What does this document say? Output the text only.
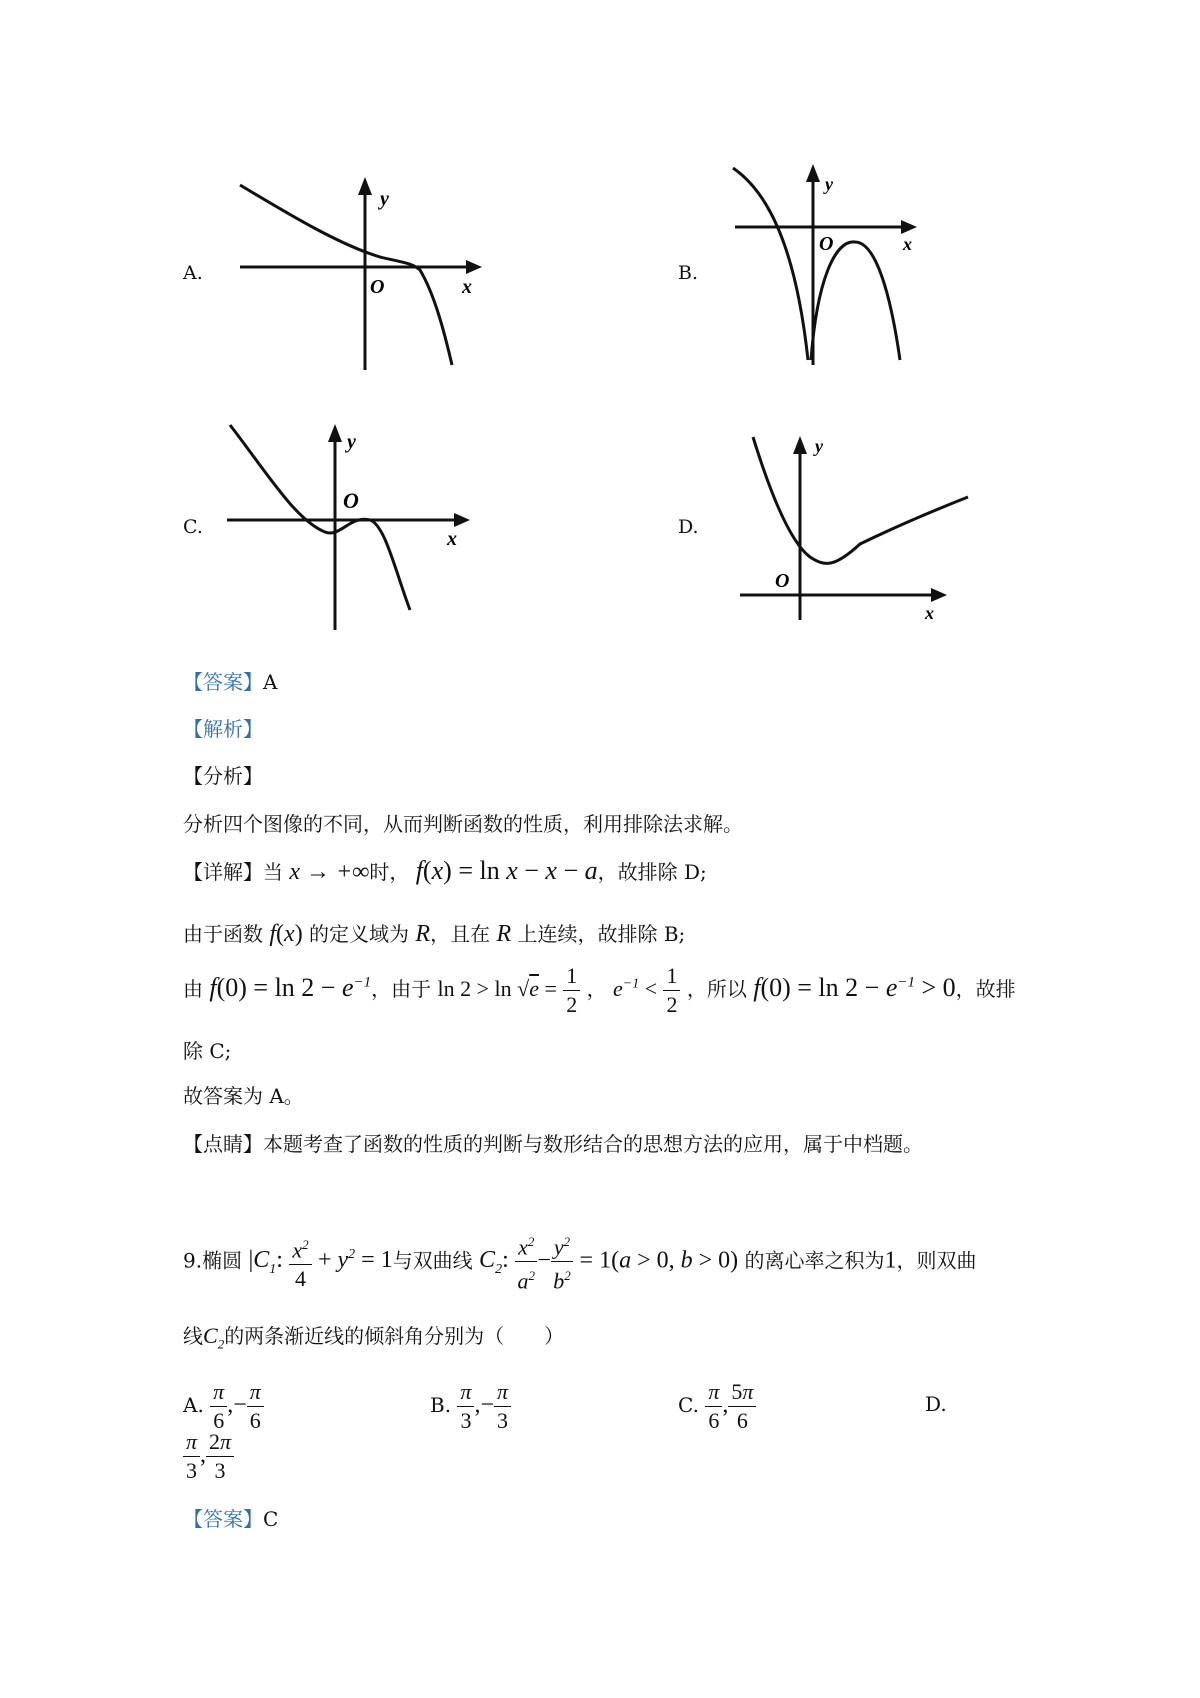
A.
y
O	x
B.
y
O	x
C.
y
O
x
D.
y
O
x
【答案】A
【解析】
【分析】
分析四个图像的不同，从而判断函数的性质，利用排除法求解。
【详解】当 x → +∞时， f(x) = ln x − x − a，故排除 D;
由于函数 f(x) 的定义域为 R，且在 R 上连续，故排除 B;
由 $f(0) = \ln 2 - e^{-1}$，由于 $\ln 2 > \ln √e = \frac{1}{2}$ ， $e^{-1} < \frac{1}{2}$ ，所以 $f(0) = \ln 2 - e^{-1} > 0$，故排
除 C;
故答案为 A。
【点睛】本题考查了函数的性质的判断与数形结合的思想方法的应用，属于中档题。
9.椭圆 $|C_1$: $\frac{x^2}{4} + y^2 = 1$与双曲线 $C_2$: $\frac{x^2}{a^2} - \frac{y^2}{b^2} = 1(a > 0$, b > 0) 的离心率之积为1，则双曲
线$C_2$的两条渐近线的倾斜角分别为（　　）
A. $\frac{\pi}{6}$ ,− $\frac{\pi}{6}$	B. $\frac{\pi}{3}$ ,− $\frac{\pi}{3}$	C. $\frac{\pi}{6}$ , $\frac{5\pi}{6}$	D.
$\frac{\pi}{3}$ , $\frac{2\pi}{3}$
【答案】C
